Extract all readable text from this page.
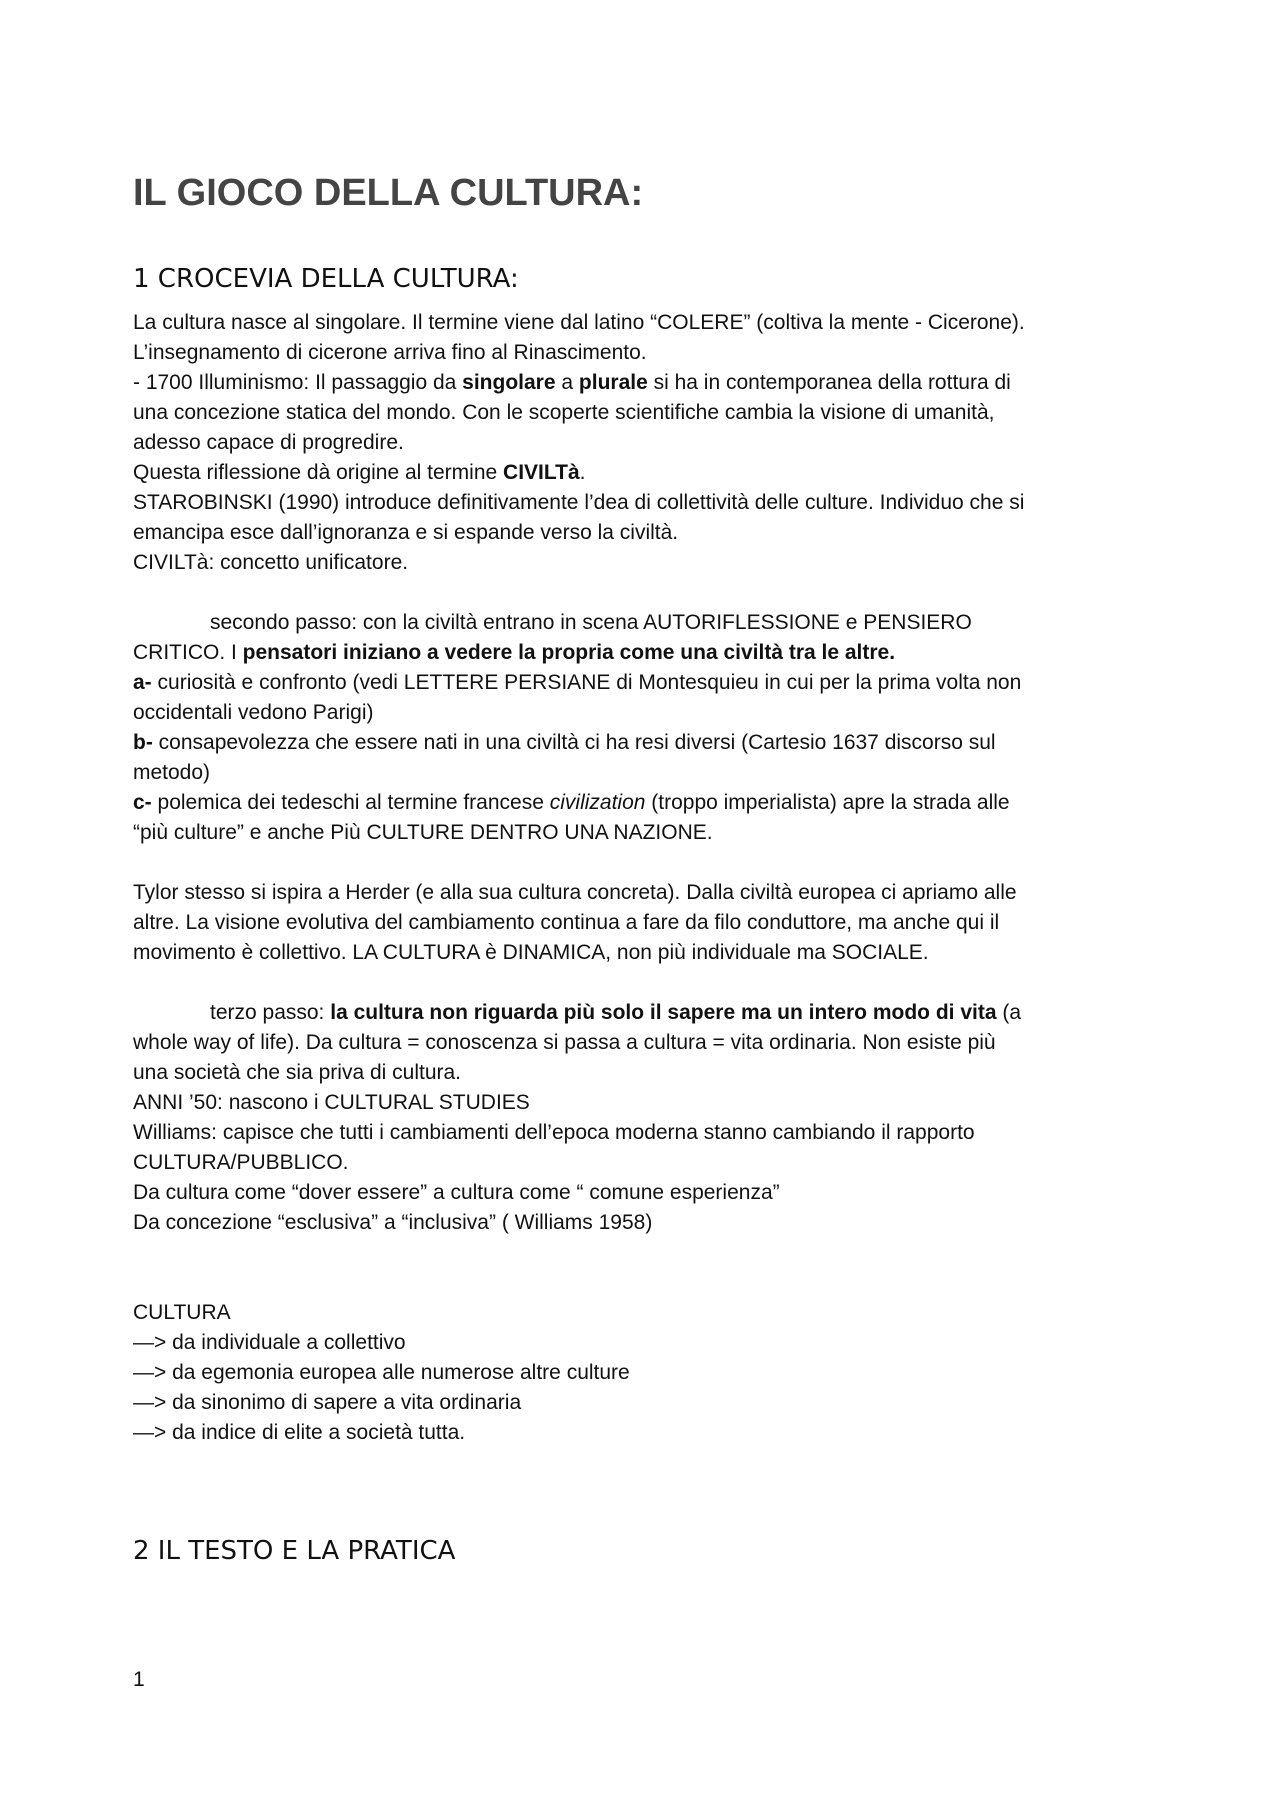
IL GIOCO DELLA CULTURA:
1 CROCEVIA DELLA CULTURA:

La cultura nasce al singolare. Il termine viene dal latino “COLERE” (coltiva la mente - Cicerone).

L’insegnamento di cicerone arriva fino al Rinascimento.

- 1700 Illuminismo: Il passaggio da singolare a plurale si ha in contemporanea della rottura di

una concezione statica del mondo. Con le scoperte scientifiche cambia la visione di umanità,

adesso capace di progredire.

Questa riflessione dà origine al termine CIVILTà.

STAROBINSKI (1990) introduce definitivamente l’dea di collettività delle culture. Individuo che si

emancipa esce dall’ignoranza e si espande verso la civiltà.

CIVILTà: concetto unificatore.

secondo passo: con la civiltà entrano in scena AUTORIFLESSIONE e PENSIERO

CRITICO. I pensatori iniziano a vedere la propria come una civiltà tra le altre.

a- curiosità e confronto (vedi LETTERE PERSIANE di Montesquieu in cui per la prima volta non

occidentali vedono Parigi)

b- consapevolezza che essere nati in una civiltà ci ha resi diversi (Cartesio 1637 discorso sul

metodo)

c- polemica dei tedeschi al termine francese civilization (troppo imperialista) apre la strada alle

“più culture” e anche Più CULTURE DENTRO UNA NAZIONE.

Tylor stesso si ispira a Herder (e alla sua cultura concreta). Dalla civiltà europea ci apriamo alle

altre. La visione evolutiva del cambiamento continua a fare da filo conduttore, ma anche qui il

movimento è collettivo. LA CULTURA è DINAMICA, non più individuale ma SOCIALE.

terzo passo: la cultura non riguarda più solo il sapere ma un intero modo di vita (a

whole way of life). Da cultura = conoscenza si passa a cultura = vita ordinaria. Non esiste più

una società che sia priva di cultura.

ANNI ’50: nascono i CULTURAL STUDIES

Williams: capisce che tutti i cambiamenti dell’epoca moderna stanno cambiando il rapporto

CULTURA/PUBBLICO.

Da cultura come “dover essere” a cultura come “ comune esperienza”

Da concezione “esclusiva” a “inclusiva” ( Williams 1958)

CULTURA

—> da individuale a collettivo

—> da egemonia europea alle numerose altre culture

—> da sinonimo di sapere a vita ordinaria

—> da indice di elite a società tutta.

2 IL TESTO E LA PRATICA
1
